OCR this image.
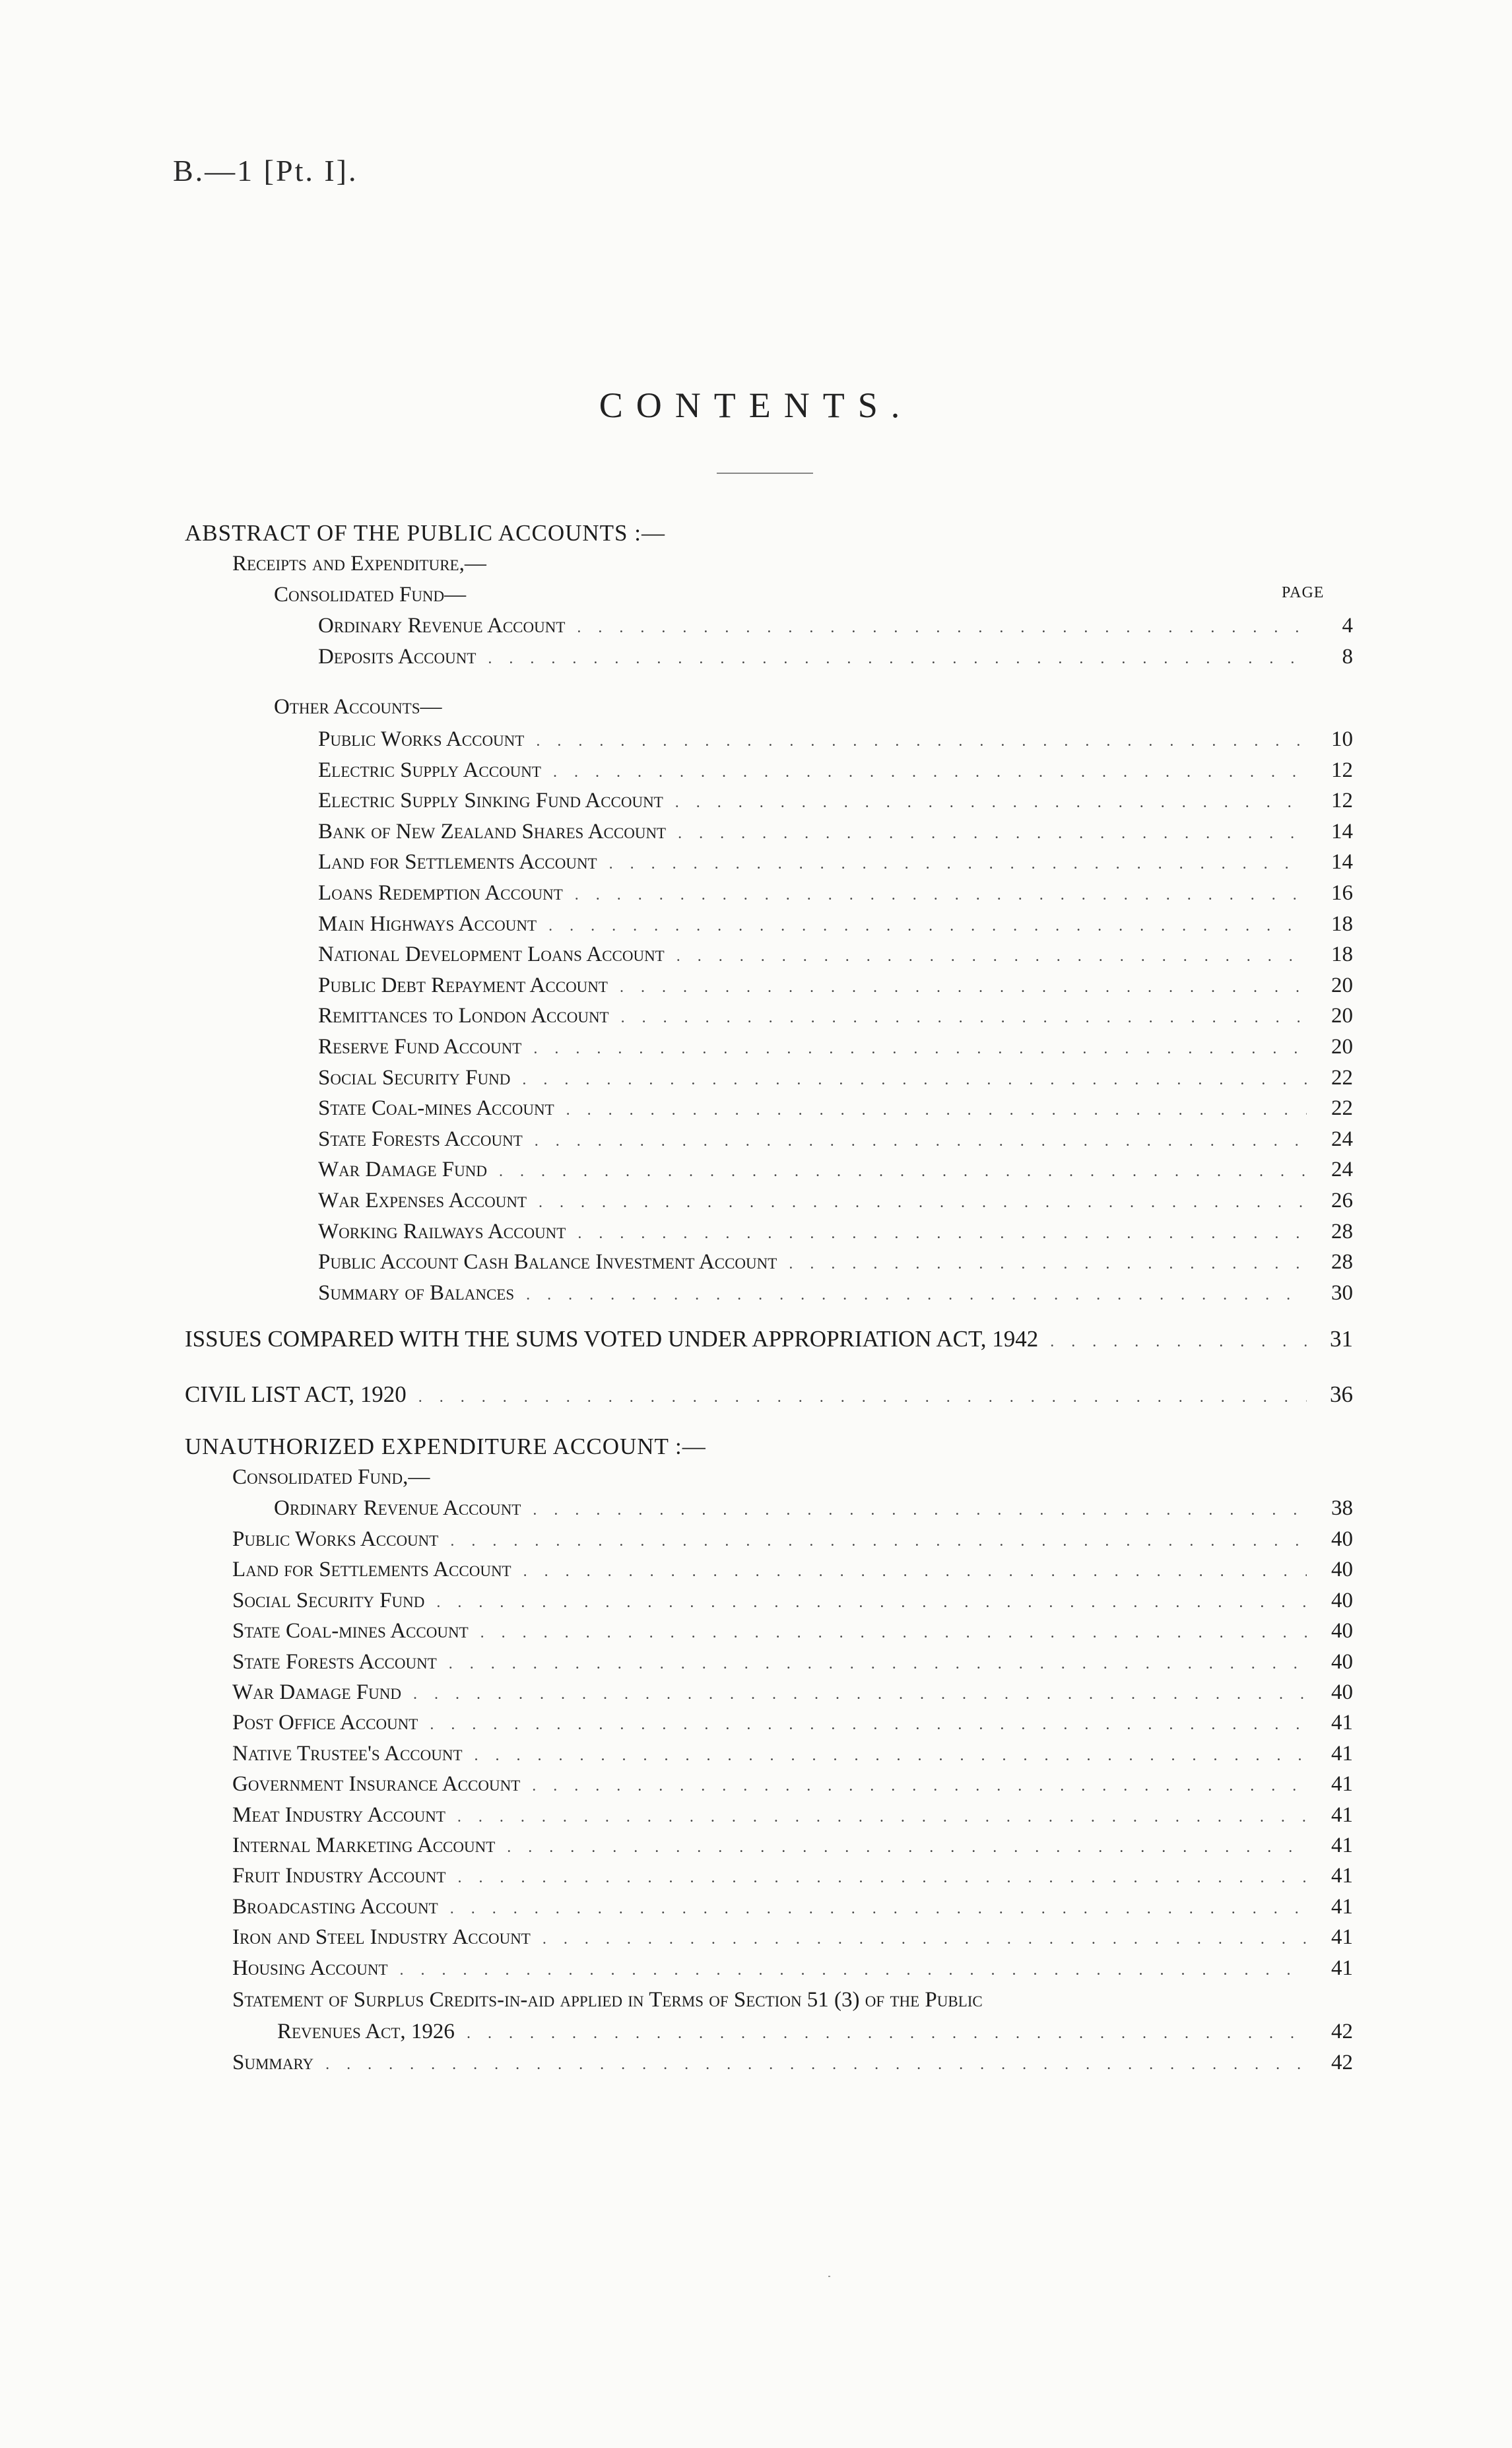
B.—1 [Pt. I].
CONTENTS.
ABSTRACT OF THE PUBLIC ACCOUNTS :—
Receipts and Expenditure,—
Consolidated Fund—	PAGE
Ordinary Revenue Account . . .	4
Deposits Account . . .	8
Other Accounts—
Public Works Account . . .	10
Electric Supply Account . . .	12
Electric Supply Sinking Fund Account . . .	12
Bank of New Zealand Shares Account . . .	14
Land for Settlements Account . . .	14
Loans Redemption Account . . .	16
Main Highways Account . . .	18
National Development Loans Account . . .	18
Public Debt Repayment Account . . .	20
Remittances to London Account . . .	20
Reserve Fund Account . . .	20
Social Security Fund . . .	22
State Coal-mines Account . . .	22
State Forests Account . . .	24
War Damage Fund . . .	24
War Expenses Account . . .	26
Working Railways Account . . .	28
Public Account Cash Balance Investment Account . . .	28
Summary of Balances . . .	30
ISSUES COMPARED WITH THE SUMS VOTED UNDER APPROPRIATION ACT, 1942 . . .	31
CIVIL LIST ACT, 1920 . . .	36
UNAUTHORIZED EXPENDITURE ACCOUNT :—
Consolidated Fund,—
Ordinary Revenue Account . . .	38
Public Works Account . . .	40
Land for Settlements Account . . .	40
Social Security Fund . . .	40
State Coal-mines Account . . .	40
State Forests Account . . .	40
War Damage Fund . . .	40
Post Office Account . . .	41
Native Trustee's Account . . .	41
Government Insurance Account . . .	41
Meat Industry Account . . .	41
Internal Marketing Account . . .	41
Fruit Industry Account . . .	41
Broadcasting Account . . .	41
Iron and Steel Industry Account . . .	41
Housing Account . . .	41
Statement of Surplus Credits-in-aid applied in Terms of Section 51 (3) of the Public
Revenues Act, 1926 . . .	42
Summary . . .	42
